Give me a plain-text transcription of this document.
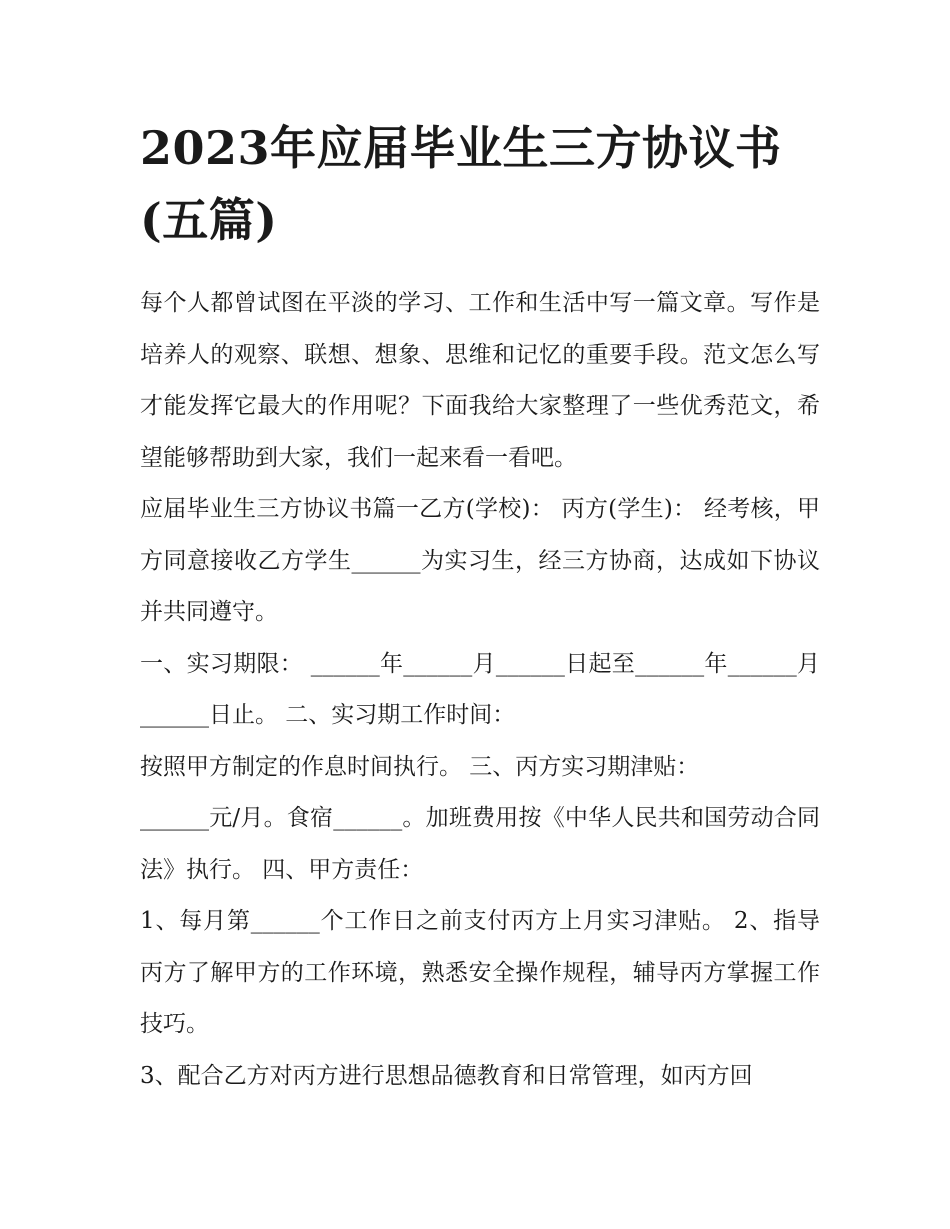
2023年应届毕业生三方协议书(五篇)

每个人都曾试图在平淡的学习、工作和生活中写一篇文章。写作是培养人的观察、联想、想象、思维和记忆的重要手段。范文怎么写才能发挥它最大的作用呢？下面我给大家整理了一些优秀范文，希望能够帮助到大家，我们一起来看一看吧。

应届毕业生三方协议书篇一乙方(学校)： 丙方(学生)： 经考核，甲方同意接收乙方学生______为实习生，经三方协商，达成如下协议并共同遵守。

一、实习期限： ______年______月______日起至______年______月______日止。 二、实习期工作时间：

按照甲方制定的作息时间执行。 三、丙方实习期津贴：

______元/月。食宿______。加班费用按《中华人民共和国劳动合同法》执行。 四、甲方责任：

1、每月第______个工作日之前支付丙方上月实习津贴。 2、指导丙方了解甲方的工作环境，熟悉安全操作规程，辅导丙方掌握工作技巧。

3、配合乙方对丙方进行思想品德教育和日常管理，如丙方回
